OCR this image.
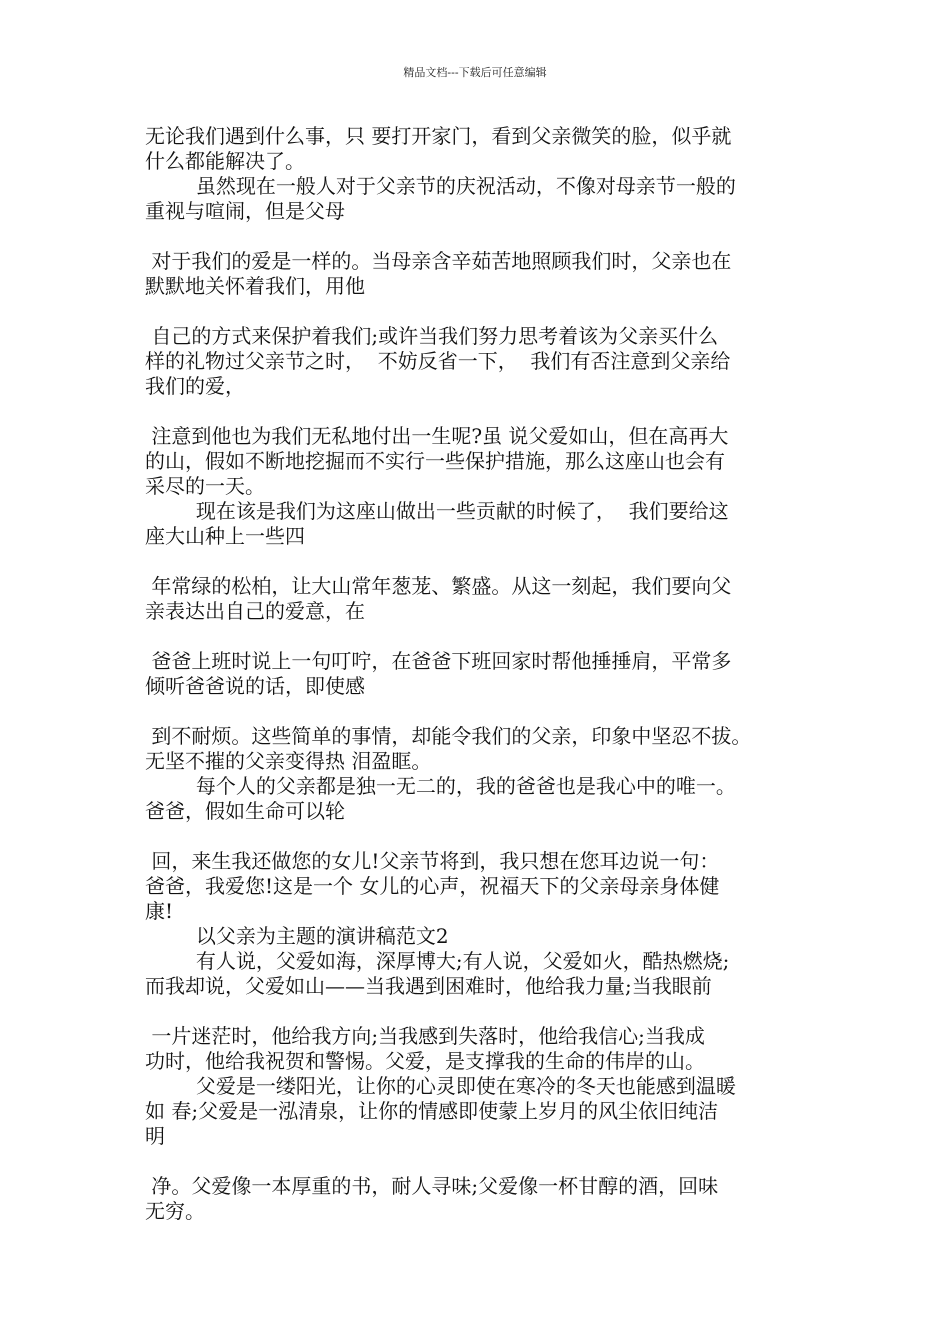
精品文档---下载后可任意编辑

无论我们遇到什么事，只 要打开家门，看到父亲微笑的脸，似乎就
什么都能解决了。

虽然现在一般人对于父亲节的庆祝活动，不像对母亲节一般的
重视与喧闹，但是父母

对于我们的爱是一样的。当母亲含辛茹苦地照顾我们时，父亲也在
默默地关怀着我们，用他

自己的方式来保护着我们;或许当我们努力思考着该为父亲买什么
样的礼物过父亲节之时，  不妨反省一下，  我们有否注意到父亲给
我们的爱，

注意到他也为我们无私地付出一生呢?虽 说父爱如山，但在高再大
的山，假如不断地挖掘而不实行一些保护措施，那么这座山也会有
采尽的一天。

现在该是我们为这座山做出一些贡献的时候了，  我们要给这
座大山种上一些四

年常绿的松柏，让大山常年葱茏、繁盛。从这一刻起，我们要向父
亲表达出自己的爱意，在

爸爸上班时说上一句叮咛，在爸爸下班回家时帮他捶捶肩，平常多
倾听爸爸说的话，即使感

到不耐烦。这些简单的事情，却能令我们的父亲，印象中坚忍不拔。
无坚不摧的父亲变得热 泪盈眶。

每个人的父亲都是独一无二的，我的爸爸也是我心中的唯一。
爸爸，假如生命可以轮

回，来生我还做您的女儿!父亲节将到，我只想在您耳边说一句：
爸爸，我爱您!这是一个 女儿的心声，祝福天下的父亲母亲身体健
康!

以父亲为主题的演讲稿范文2

有人说，父爱如海，深厚博大;有人说，父爱如火，酷热燃烧;
而我却说，父爱如山——当我遇到困难时，他给我力量;当我眼前

一片迷茫时，他给我方向;当我感到失落时，他给我信心;当我成
功时，他给我祝贺和警惕。父爱，是支撑我的生命的伟岸的山。

父爱是一缕阳光，让你的心灵即使在寒冷的冬天也能感到温暖
如 春;父爱是一泓清泉，让你的情感即使蒙上岁月的风尘依旧纯洁
明

净。父爱像一本厚重的书，耐人寻味;父爱像一杯甘醇的酒，回味
无穷。
